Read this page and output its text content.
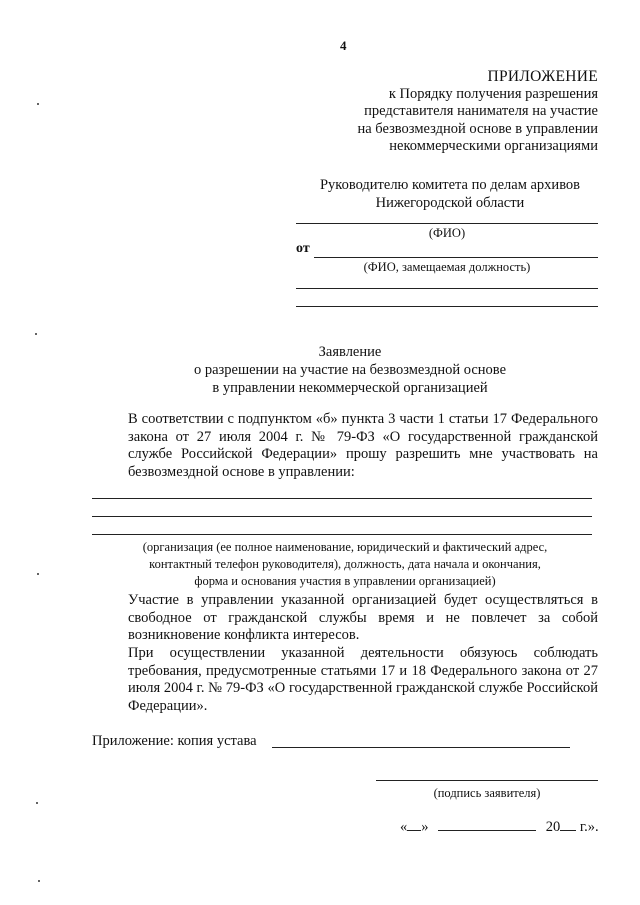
4
ПРИЛОЖЕНИЕ
к Порядку получения разрешения
представителя нанимателя на участие
на безвозмездной основе в управлении
некоммерческими организациями
Руководителю комитета по делам архивов
Нижегородской области
(ФИО)
от
(ФИО, замещаемая должность)
Заявление
о разрешении на участие на безвозмездной основе
в управлении некоммерческой организацией
В соответствии с подпунктом «б» пункта 3 части 1 статьи 17 Федерального закона от 27 июля 2004 г. № 79-ФЗ «О государственной гражданской службе Российской Федерации» прошу разрешить мне участвовать на безвозмездной основе в управлении:
(организация (ее полное наименование, юридический и фактический адрес,
контактный телефон руководителя), должность, дата начала и окончания,
форма и основания участия в управлении организацией)
Участие в управлении указанной организацией будет осуществляться в свободное от гражданской службы время и не повлечет за собой возникновение конфликта интересов.
При осуществлении указанной деятельности обязуюсь соблюдать требования, предусмотренные статьями 17 и 18 Федерального закона от 27 июля 2004 г. № 79-ФЗ «О государственной гражданской службе Российской Федерации».
Приложение: копия устава
(подпись заявителя)
« »	20 г.».
